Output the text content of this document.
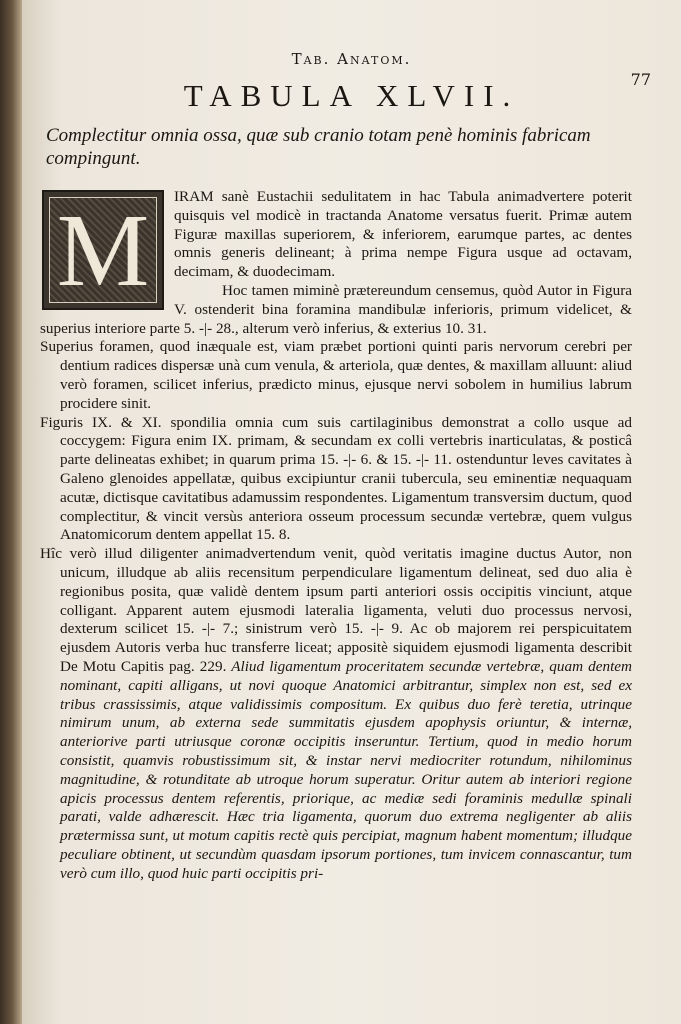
Tab. Anatom.
77
TABULA XLVII.
Complectitur omnia ossa, quæ sub cranio totam penè hominis fabricam compingunt.
M	IRAM sanè Eustachii sedulitatem in hac Tabula animadvertere poterit quisquis vel modicè in tractanda Anatome versatus fuerit. Primæ autem Figuræ maxillas superiorem, & inferiorem, earumque partes, ac dentes omnis generis delineant; à prima nempe Figura usque ad octavam, decimam, & duodecimam.

Hoc tamen miminè prætereundum censemus, quòd Autor in Figura V. ostenderit bina foramina mandibulæ inferioris, primum videlicet, & superius interiore parte 5. -|- 28., alterum verò inferius, & exterius 10. 31.

Superius foramen, quod inæquale est, viam præbet portioni quinti paris nervorum cerebri per dentium radices dispersæ unà cum venula, & arteriola, quæ dentes, & maxillam alluunt: aliud verò foramen, scilicet inferius, prædicto minus, ejusque nervi sobolem in humilius labrum procidere sinit.

Figuris IX. & XI. spondilia omnia cum suis cartilaginibus demonstrat a collo usque ad coccygem: Figura enim IX. primam, & secundam ex colli vertebris inarticulatas, & posticâ parte delineatas exhibet; in quarum prima 15. -|- 6. & 15. -|- 11. ostenduntur leves cavitates à Galeno glenoides appellatæ, quibus excipiuntur cranii tubercula, seu eminentiæ nequaquam acutæ, dictisque cavitatibus adamussim respondentes. Ligamentum transversim ductum, quod complectitur, & vincit versùs anteriora osseum processum secundæ vertebræ, quem vulgus Anatomicorum dentem appellat 15. 8.

Hîc verò illud diligenter animadvertendum venit, quòd veritatis imagine ductus Autor, non unicum, illudque ab aliis recensitum perpendiculare ligamentum delineat, sed duo alia è regionibus posita, quæ validè dentem ipsum parti anteriori ossis occipitis vinciunt, atque colligant. Apparent autem ejusmodi lateralia ligamenta, veluti duo processus nervosi, dexterum scilicet 15. -|- 7.; sinistrum verò 15. -|- 9. Ac ob majorem rei perspicuitatem ejusdem Autoris verba huc transferre liceat; appositè siquidem ejusmodi ligamenta describit De Motu Capitis pag. 229. Aliud ligamentum proceritatem secundæ vertebræ, quam dentem nominant, capiti alligans, ut novi quoque Anatomici arbitrantur, simplex non est, sed ex tribus crassissimis, atque validissimis compositum. Ex quibus duo ferè teretia, utrinque nimirum unum, ab externa sede summitatis ejusdem apophysis oriuntur, & internæ, anteriorive parti utriusque coronæ occipitis inseruntur. Tertium, quod in medio horum consistit, quamvis robustissimum sit, & instar nervi mediocriter rotundum, nihilominus magnitudine, & rotunditate ab utroque horum superatur. Oritur autem ab interiori regione apicis processus dentem referentis, priorique, ac mediæ sedi foraminis medullæ spinali parati, valde adhærescit. Hæc tria ligamenta, quorum duo extrema negligenter ab aliis prætermissa sunt, ut motum capitis rectè quis percipiat, magnum habent momentum; illudque peculiare obtinent, ut secundùm quasdam ipsorum portiones, tum invicem connascantur, tum verò cum illo, quod huic parti occipitis pri-
